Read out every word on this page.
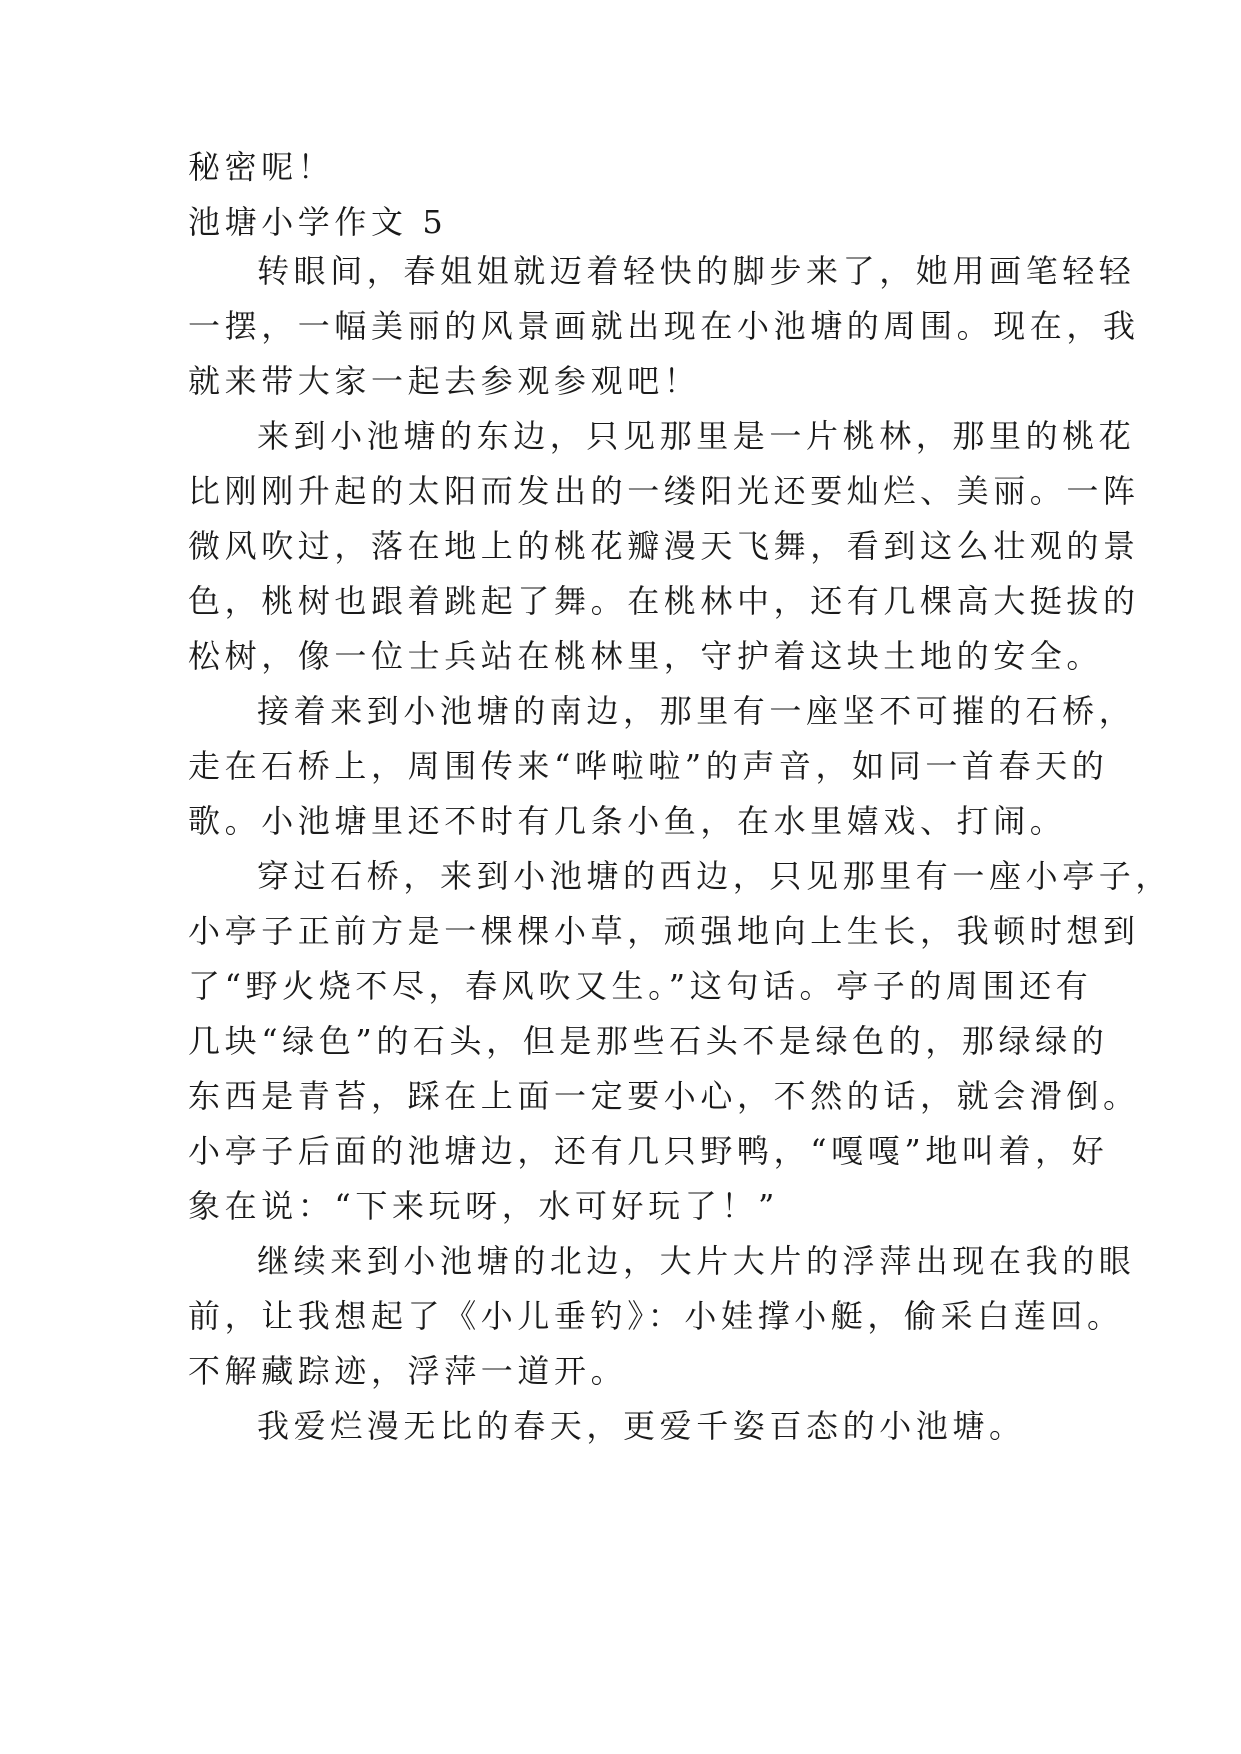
秘密呢！

池塘小学作文 5

转眼间，春姐姐就迈着轻快的脚步来了，她用画笔轻轻

一摆，一幅美丽的风景画就出现在小池塘的周围。现在，我

就来带大家一起去参观参观吧！

来到小池塘的东边，只见那里是一片桃林，那里的桃花

比刚刚升起的太阳而发出的一缕阳光还要灿烂、美丽。一阵

微风吹过，落在地上的桃花瓣漫天飞舞，看到这么壮观的景

色，桃树也跟着跳起了舞。在桃林中，还有几棵高大挺拔的

松树，像一位士兵站在桃林里，守护着这块土地的安全。

接着来到小池塘的南边，那里有一座坚不可摧的石桥，

走在石桥上，周围传来“哗啦啦”的声音，如同一首春天的

歌。小池塘里还不时有几条小鱼，在水里嬉戏、打闹。

穿过石桥，来到小池塘的西边，只见那里有一座小亭子，

小亭子正前方是一棵棵小草，顽强地向上生长，我顿时想到

了“野火烧不尽，春风吹又生。”这句话。亭子的周围还有

几块“绿色”的石头，但是那些石头不是绿色的，那绿绿的

东西是青苔，踩在上面一定要小心，不然的话，就会滑倒。

小亭子后面的池塘边，还有几只野鸭，“嘎嘎”地叫着，好

象在说：“下来玩呀，水可好玩了！”

继续来到小池塘的北边，大片大片的浮萍出现在我的眼

前，让我想起了《小儿垂钓》：小娃撑小艇，偷采白莲回。

不解藏踪迹，浮萍一道开。

我爱烂漫无比的春天，更爱千姿百态的小池塘。
